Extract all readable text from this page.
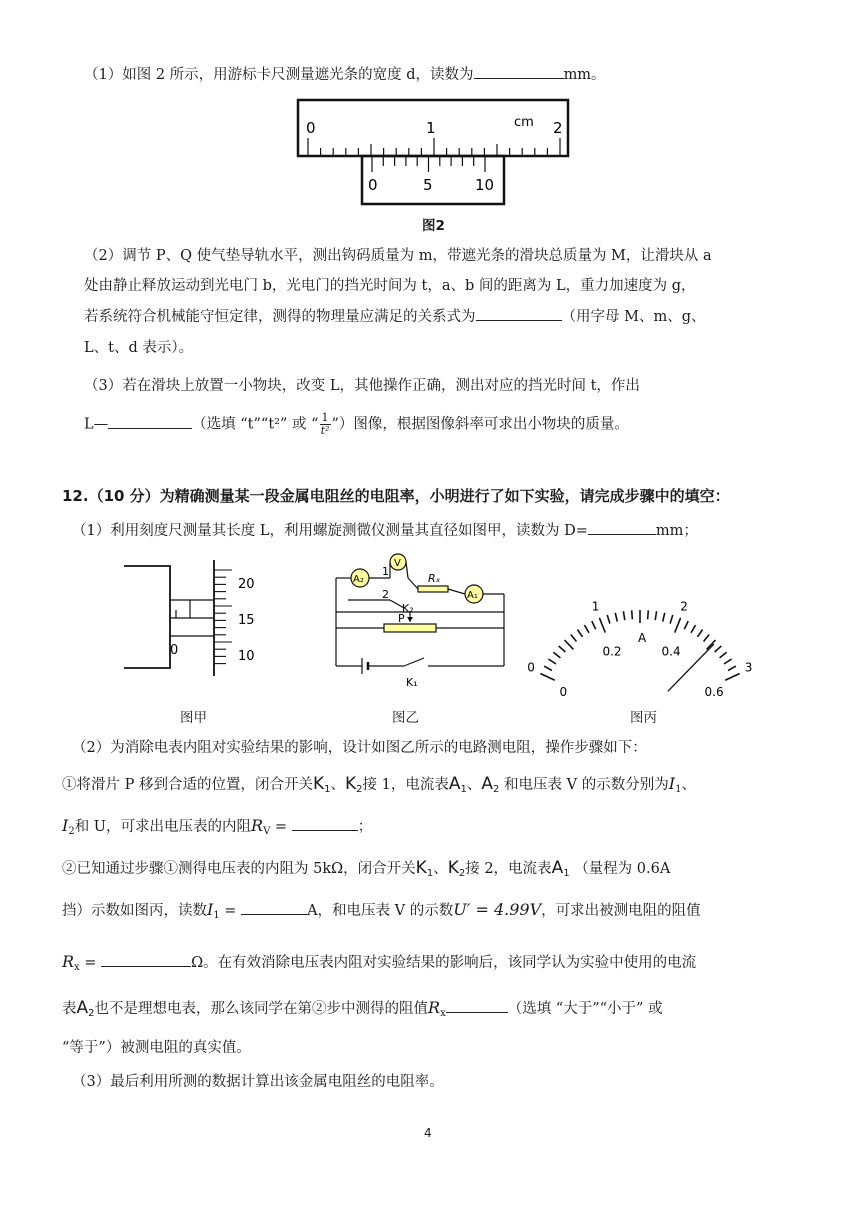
（1）如图 2 所示，用游标卡尺测量遮光条的宽度 d，读数为	mm。
0	1	2
cm
0	5	10
图2
（2）调节 P、Q 使气垫导轨水平，测出钩码质量为 m，带遮光条的滑块总质量为 M，让滑块从 a
处由静止释放运动到光电门 b，光电门的挡光时间为 t，a、b 间的距离为 L，重力加速度为 g，
若系统符合机械能守恒定律，测得的物理量应满足的关系式为	（用字母 M、m、g、
L、t、d 表示）。
（3）若在滑块上放置一小物块，改变 L，其他操作正确，测出对应的挡光时间 t，作出
L—	（选填 “t”“t²” 或 “ $\frac{1}{\text{t²}}$ ”）图像，根据图像斜率可求出小物块的质量。
12.（10 分）为精确测量某一段金属电阻丝的电阻率，小明进行了如下实验，请完成步骤中的填空：
（1）利用刻度尺测量其长度 L，利用螺旋测微仪测量其直径如图甲，读数为 D=	mm；
0
20
15
10
V
A₂
1
2
Rₓ
K₂
A₁
P
K₁
0
1	2
3
0
0.2	0.4
0.6
A
图甲	图乙	图丙
（2）为消除电表内阻对实验结果的影响，设计如图乙所示的电路测电阻，操作步骤如下：
①将滑片 P 移到合适的位置，闭合开关$K_1$、$K_2$接 1，电流表$A_1$、$A_2$ 和电压表 V 的示数分别为$I_1$、
$I_2$和 U，可求出电压表的内阻$R_V$ =	；
②已知通过步骤①测得电压表的内阻为 5kΩ，闭合开关$K_1$、$K_2$接 2，电流表$A_1$ （量程为 0.6A
挡）示数如图丙，读数$I_1$ =	A，和电压表 V 的示数U′ = 4.99V，可求出被测电阻的阻值
$R_x$ =	Ω。在有效消除电压表内阻对实验结果的影响后，该同学认为实验中使用的电流
表$A_2$也不是理想电表，那么该同学在第②步中测得的阻值$R_x$	（选填 “大于”“小于” 或
“等于”）被测电阻的真实值。
（3）最后利用所测的数据计算出该金属电阻丝的电阻率。
4
